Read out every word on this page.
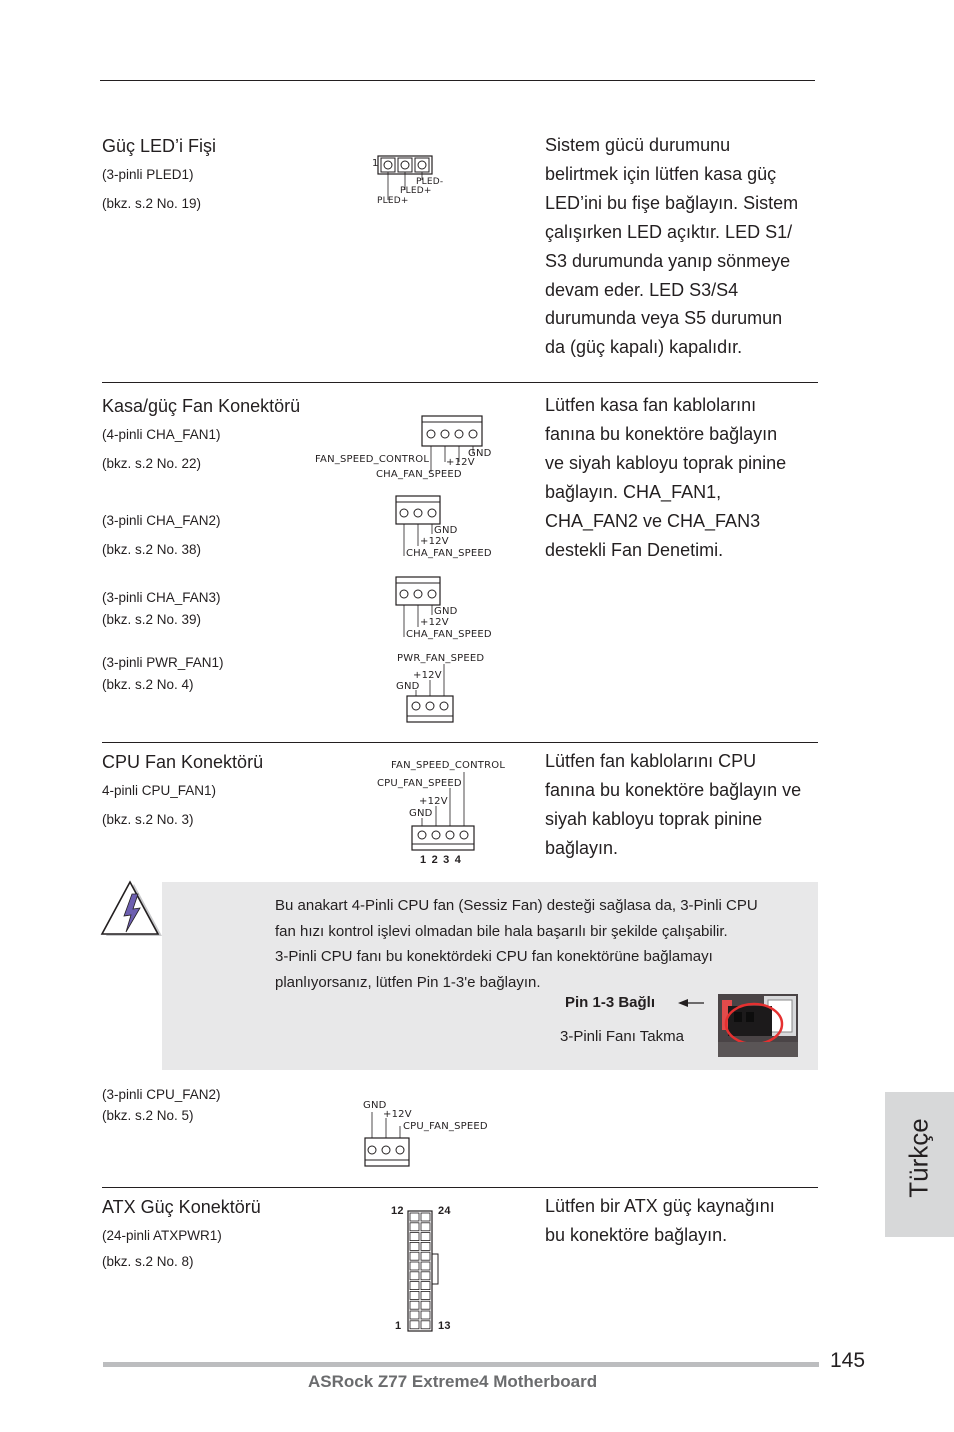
Güç LED’i Fişi
(3-pinli PLED1)
(bkz. s.2 No. 19)
1
PLED-
PLED+
PLED+
Sistem gücü durumunu
belirtmek için lütfen kasa güç
LED’ini bu fişe bağlayın. Sistem
çalışırken LED açıktır. LED S1/
S3 durumunda yanıp sönmeye
devam eder. LED S3/S4
durumunda veya S5 durumun
da (güç kapalı) kapalıdır.
Kasa/güç Fan Konektörü
(4-pinli CHA_FAN1)
(bkz. s.2 No. 22)
(3-pinli CHA_FAN2)
(bkz. s.2 No. 38)
(3-pinli CHA_FAN3)
(bkz. s.2 No. 39)
(3-pinli PWR_FAN1)
(bkz. s.2 No. 4)
GND
+12V
FAN_SPEED_CONTROL
CHA_FAN_SPEED
GND
+12V
CHA_FAN_SPEED
GND
+12V
CHA_FAN_SPEED
PWR_FAN_SPEED
+12V
GND
Lütfen kasa fan kablolarını
fanına bu konektöre bağlayın
ve siyah kabloyu toprak pinine
bağlayın. CHA_FAN1,
CHA_FAN2 ve CHA_FAN3
destekli Fan Denetimi.
CPU Fan Konektörü
4-pinli CPU_FAN1)
(bkz. s.2 No. 3)
FAN_SPEED_CONTROL
CPU_FAN_SPEED
+12V
GND
1 2 3 4
Lütfen fan kablolarını CPU
fanına bu konektöre bağlayın ve
siyah kabloyu toprak pinine
bağlayın.
Bu anakart 4-Pinli CPU fan (Sessiz Fan) desteği sağlasa da, 3-Pinli CPU
fan hızı kontrol işlevi olmadan bile hala başarılı bir şekilde çalışabilir.
3-Pinli CPU fanı bu konektördeki CPU fan konektörüne bağlamayı
planlıyorsanız, lütfen Pin 1-3'e bağlayın.
Pin 1-3 Bağlı
3-Pinli Fanı Takma
(3-pinli CPU_FAN2)
(bkz. s.2 No. 5)
GND
+12V
CPU_FAN_SPEED
ATX Güç Konektörü
(24-pinli ATXPWR1)
(bkz. s.2 No. 8)
12	24
1	13
Lütfen bir ATX güç kaynağını
bu konektöre bağlayın.
Türkçe
145
ASRock Z77 Extreme4 Motherboard
